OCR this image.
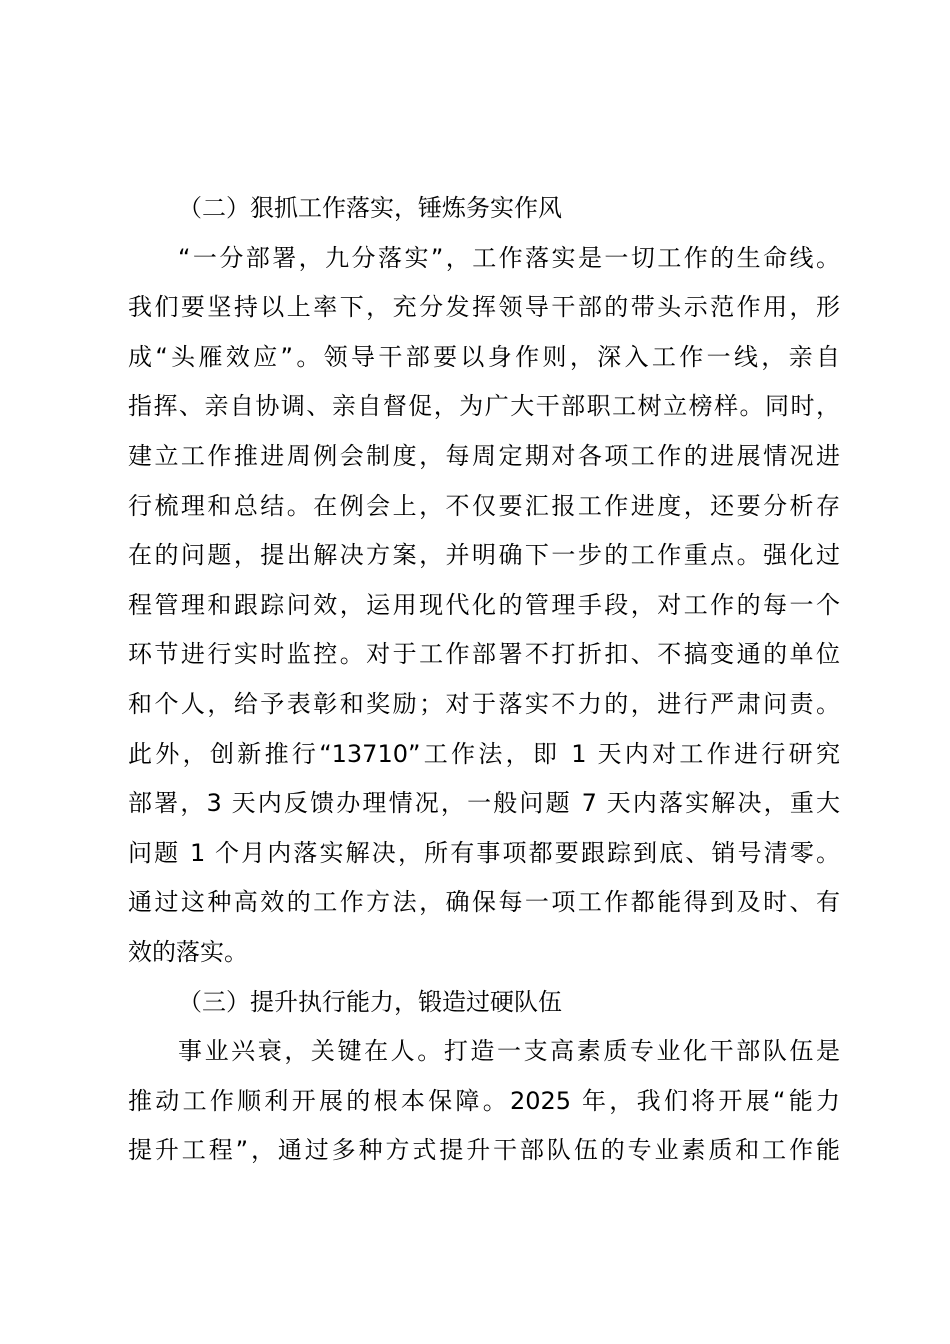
（二）狠抓工作落实，锤炼务实作风
“一分部署，九分落实”，工作落实是一切工作的生命线。
我们要坚持以上率下，充分发挥领导干部的带头示范作用，形
成“头雁效应”。领导干部要以身作则，深入工作一线，亲自
指挥、亲自协调、亲自督促，为广大干部职工树立榜样。同时，
建立工作推进周例会制度，每周定期对各项工作的进展情况进
行梳理和总结。在例会上，不仅要汇报工作进度，还要分析存
在的问题，提出解决方案，并明确下一步的工作重点。强化过
程管理和跟踪问效，运用现代化的管理手段，对工作的每一个
环节进行实时监控。对于工作部署不打折扣、不搞变通的单位
和个人，给予表彰和奖励；对于落实不力的，进行严肃问责。
此外，创新推行“13710”工作法，即 1 天内对工作进行研究
部署，3 天内反馈办理情况，一般问题 7 天内落实解决，重大
问题 1 个月内落实解决，所有事项都要跟踪到底、销号清零。
通过这种高效的工作方法，确保每一项工作都能得到及时、有
效的落实。
（三）提升执行能力，锻造过硬队伍
事业兴衰，关键在人。打造一支高素质专业化干部队伍是
推动工作顺利开展的根本保障。2025 年，我们将开展“能力
提升工程”，通过多种方式提升干部队伍的专业素质和工作能
